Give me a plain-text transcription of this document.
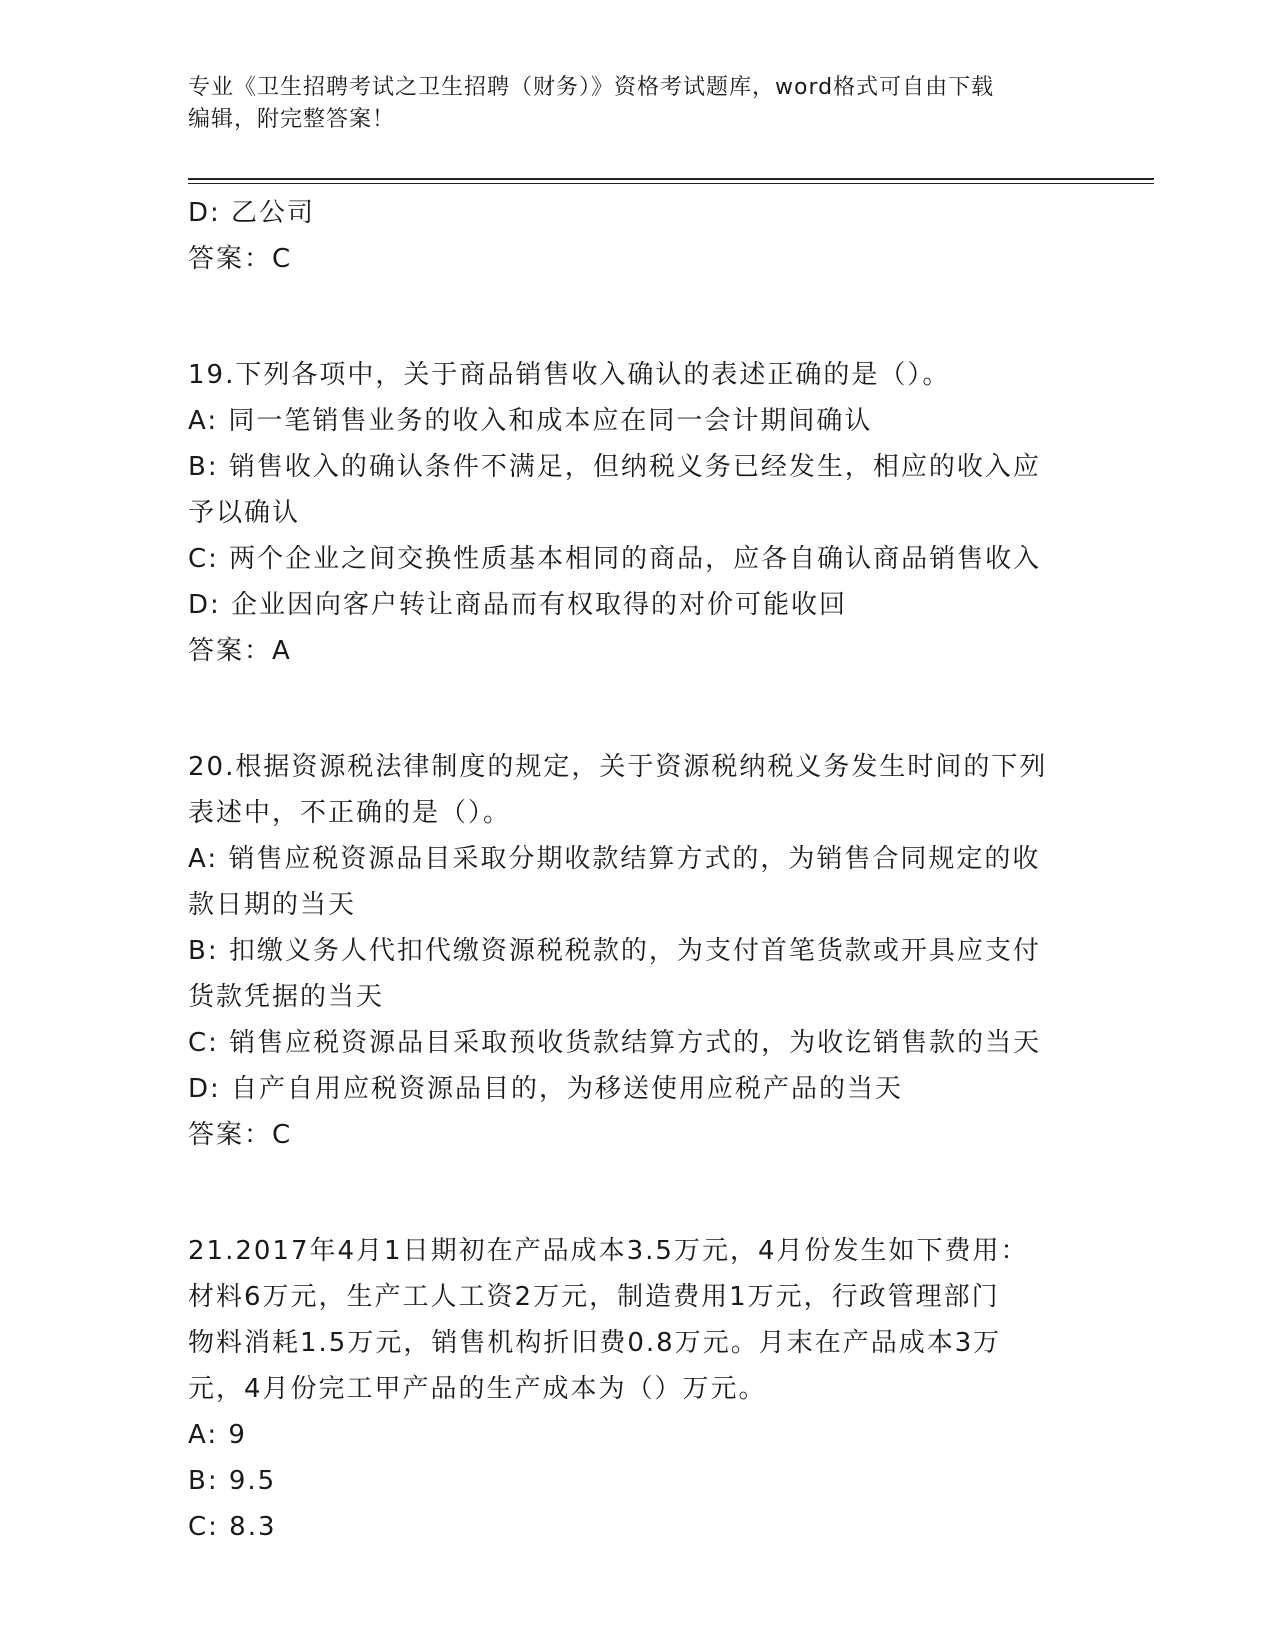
专业《卫生招聘考试之卫生招聘（财务）》资格考试题库，word格式可自由下载
编辑，附完整答案！
D: 乙公司
答案：C
19.下列各项中，关于商品销售收入确认的表述正确的是（）。
A: 同一笔销售业务的收入和成本应在同一会计期间确认
B: 销售收入的确认条件不满足，但纳税义务已经发生，相应的收入应
予以确认
C: 两个企业之间交换性质基本相同的商品，应各自确认商品销售收入
D: 企业因向客户转让商品而有权取得的对价可能收回
答案：A
20.根据资源税法律制度的规定，关于资源税纳税义务发生时间的下列
表述中，不正确的是（）。
A: 销售应税资源品目采取分期收款结算方式的，为销售合同规定的收
款日期的当天
B: 扣缴义务人代扣代缴资源税税款的，为支付首笔货款或开具应支付
货款凭据的当天
C: 销售应税资源品目采取预收货款结算方式的，为收讫销售款的当天
D: 自产自用应税资源品目的，为移送使用应税产品的当天
答案：C
21.2017年4月1日期初在产品成本3.5万元，4月份发生如下费用：
材料6万元，生产工人工资2万元，制造费用1万元，行政管理部门
物料消耗1.5万元，销售机构折旧费0.8万元。月末在产品成本3万
元，4月份完工甲产品的生产成本为（）万元。
A: 9
B: 9.5
C: 8.3
